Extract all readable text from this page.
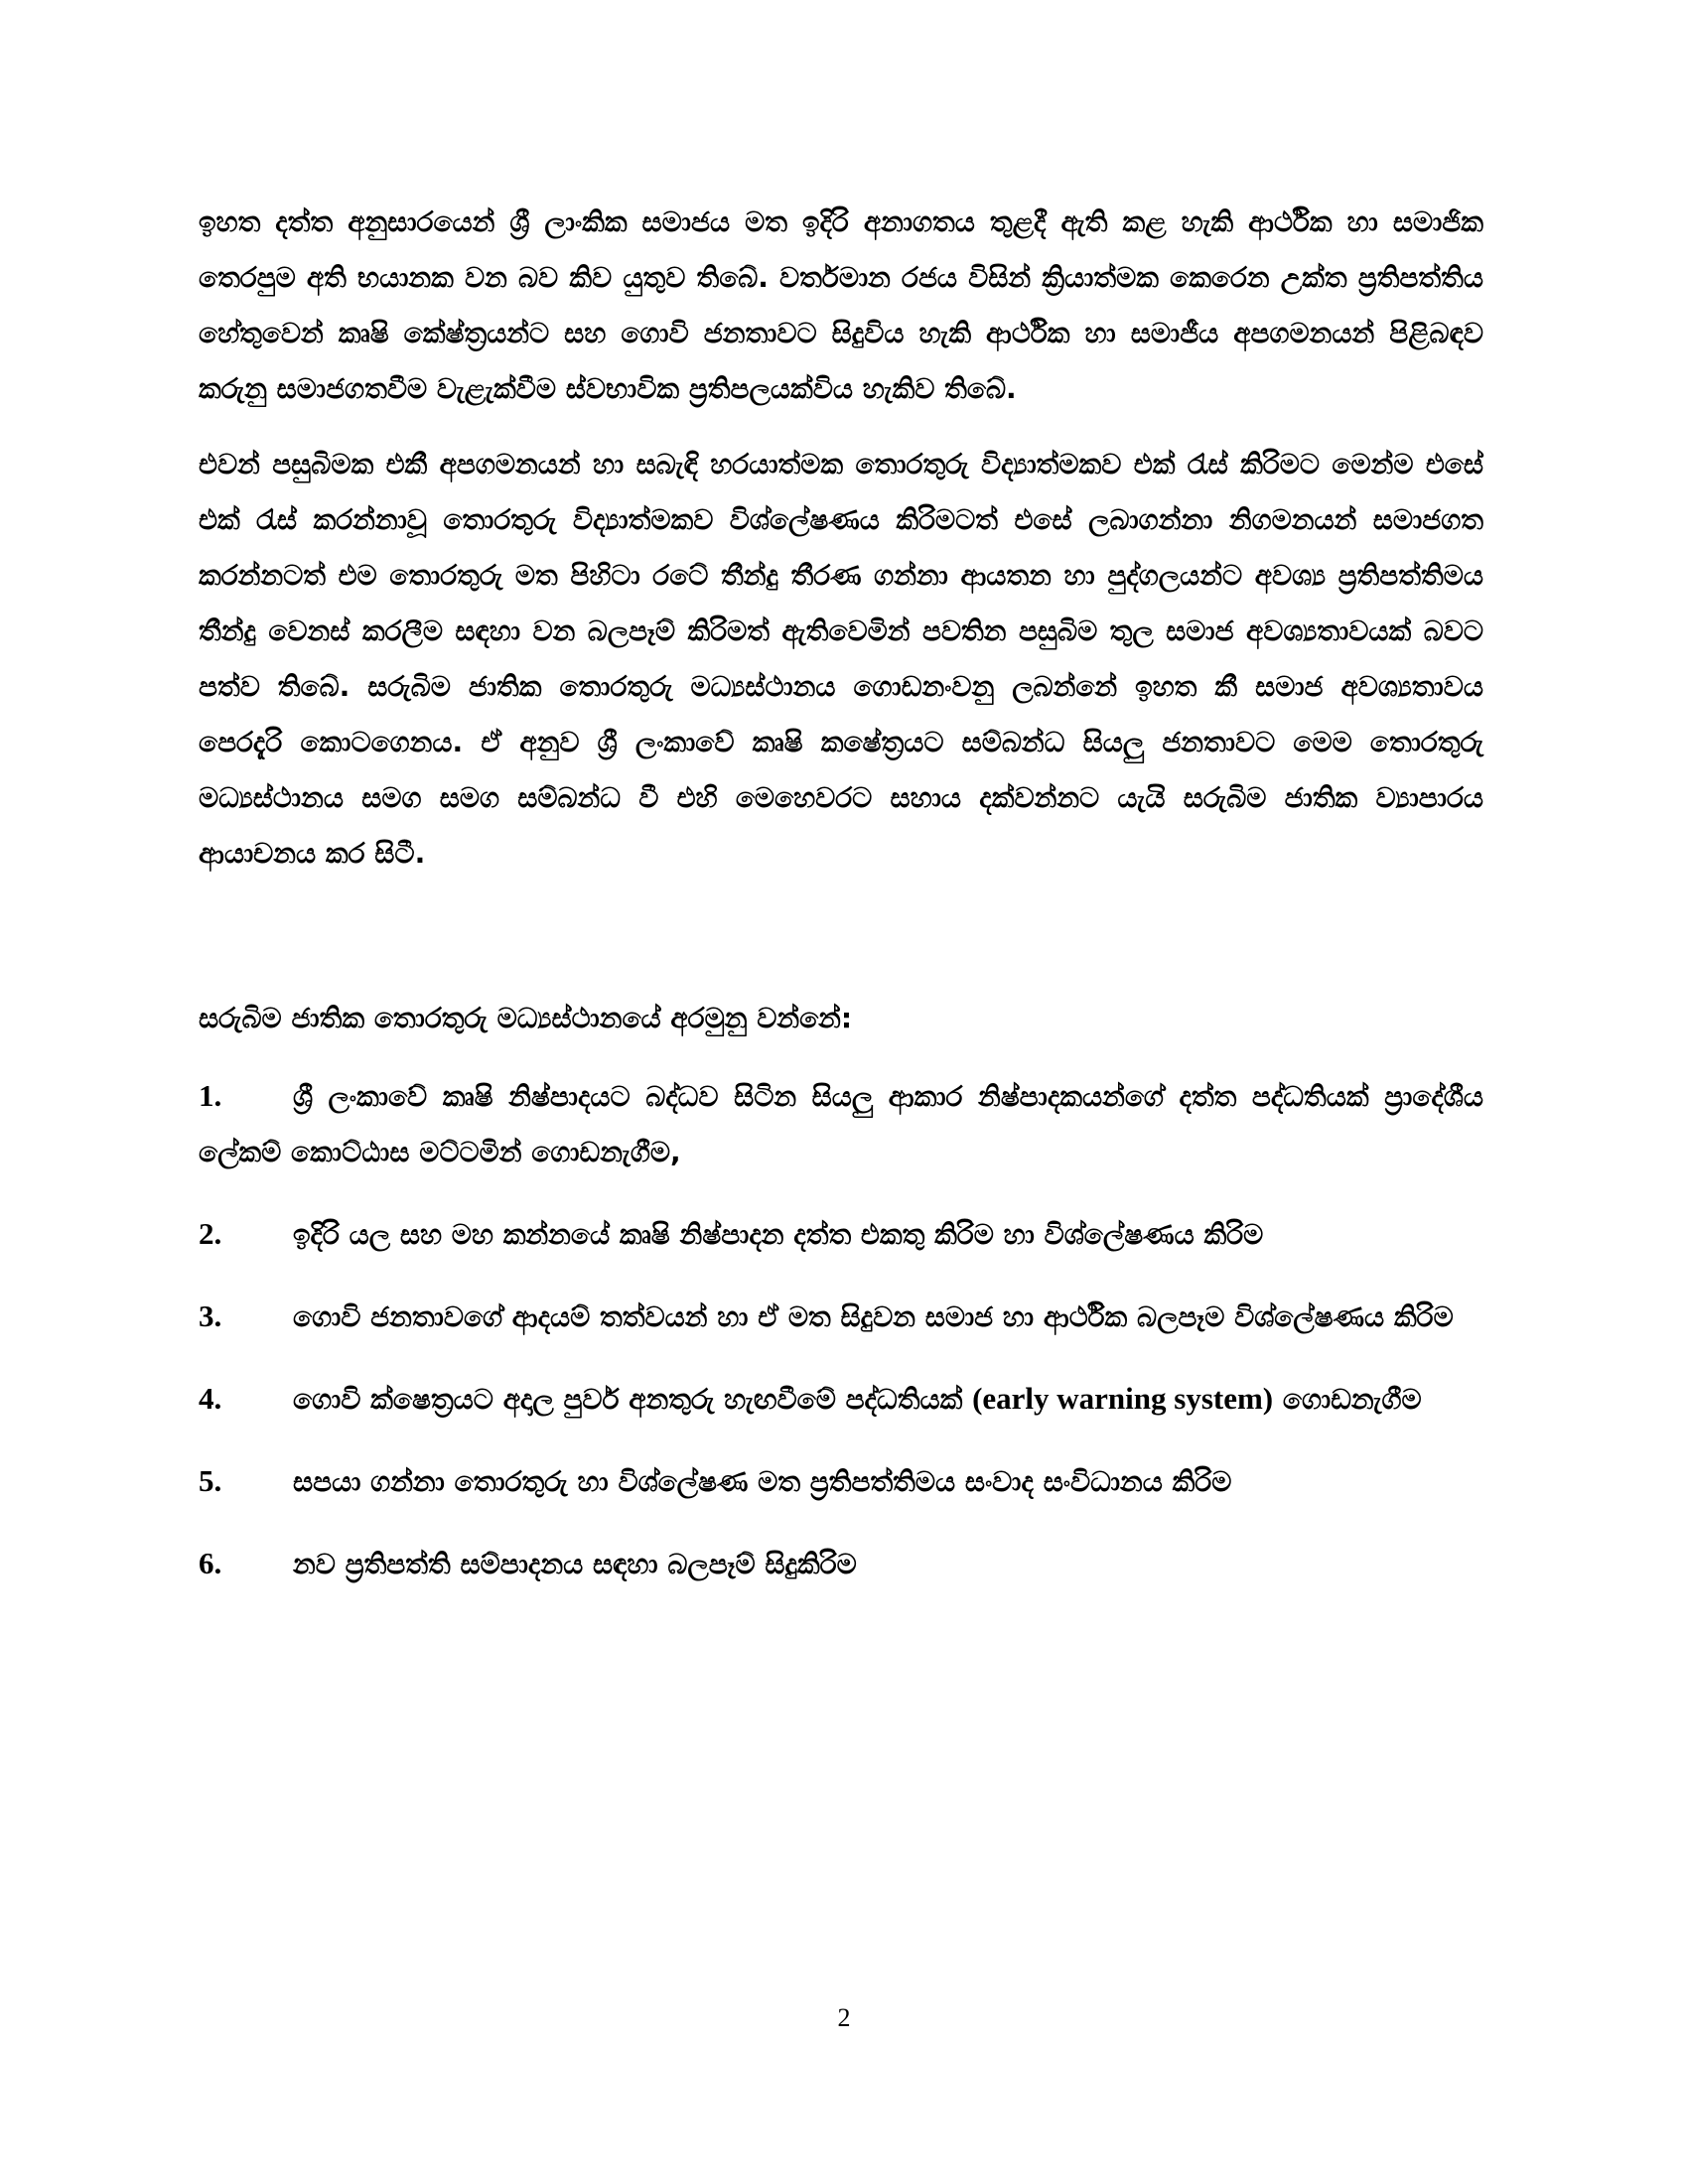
ඉහත දත්ත අනුසාරයෙන් ශ්‍රී ලාංකික සමාජය මත ඉදිරි අනාගතය තුළදී ඇති කළ හැකි ආර්ථික හා සමාජික තෙරපුම අති භයානක වන බව කිව යුතුව තිබේ. වර්තමාන රජය විසින් ක්‍රියාත්මක කෙරෙන උක්ත ප්‍රතිපත්තිය හේතුවෙන් කෘෂි කේෂ්ත්‍රයන්ට සහ ගොවි ජනතාවට සිදුවිය හැකි ආර්ථික හා සමාජීය අපගමනයන් පිළිබඳව කරුනු සමාජගතවීම වැළැක්වීම ස්වභාවික ප්‍රතිපලයක්විය හැකිව තිබේ.

එවන් පසුබිමක එකී අපගමනයන් හා සබැඳි හරයාත්මක තොරතුරු විද්‍යාත්මකව එක් රැස් කිරිමට මෙන්ම එසේ එක් රැස් කරන්නාවූ තොරතුරු විද්‍යාත්මකව විශ්ලේෂණය කිරිමටත් එසේ ලබාගන්නා නිගමනයන් සමාජගත කරන්නටත් එම තොරතුරු මත පිහිටා රටේ තීන්දු තීරණ ගන්නා ආයතන හා පුද්ගලයන්ට අවශ්‍ය ප්‍රතිපත්තිමය තීන්දු වෙනස් කරලීම සඳහා වන බලපෑම් කිරිමත් ඇතිවෙමින් පවතින පසුබිම තුල සමාජ අවශ්‍යතාවයක් බවට පත්ව තිබේ. සරුබිම ජාතික තොරතුරු මධ්‍යස්ථානය ගොඩනංවනු ලබන්නේ ඉහත කී සමාජ අවශ්‍යතාවය පෙරදැරි කොටගෙනය. ඒ අනුව ශ්‍රී ලංකාවේ කෘෂි කෂේත්‍රයට සම්බන්ධ සියලු ජනතාවට මෙම තොරතුරු මධ්‍යස්ථානය සමග සමග සම්බන්ධ වී එහි මෙහෙවරට සහාය දක්වන්නට යැයි සරුබිම ජාතික ව්‍යාපාරය ආයාචනය කර සිටී.

සරුබිම ජාතික තොරතුරු මධ්‍යස්ථානයේ අරමුනු වන්නේ:

1.	ශ්‍රී ලංකාවේ කෘෂි නිෂ්පාදයට බද්ධව සිටින සියලු ආකාර නිෂ්පාදකයන්ගේ දත්ත පද්ධතියක් ප්‍රාදේශීය ලේකම් කොට්ඨාස මට්ටමින් ගොඩනැගීම,
2.	ඉදිරි යල සහ මහ කන්නයේ කෘෂි නිෂ්පාදන දත්ත එකතු කිරිම හා විශ්ලේෂණය කිරිම
3.	ගොවි ජනතාවගේ ආදයම් තත්වයන් හා ඒ මත සිදුවන සමාජ හා ආර්ථික බලපෑම විශ්ලේෂණය කිරිම
4.	ගොවි ක්ෂෙත්‍රයට අදාල පුර්ව අනතුරු හැඟවීමේ පද්ධතියක් (early warning system) ගොඩනැගීම
5.	සපයා ගන්නා තොරතුරු හා විශ්ලේෂණ මත ප්‍රතිපත්තිමය සංවාද සංවිධානය කිරිම
6.	නව ප්‍රතිපත්ති සම්පාදනය සඳහා බලපෑම් සිදුකිරිම
2
